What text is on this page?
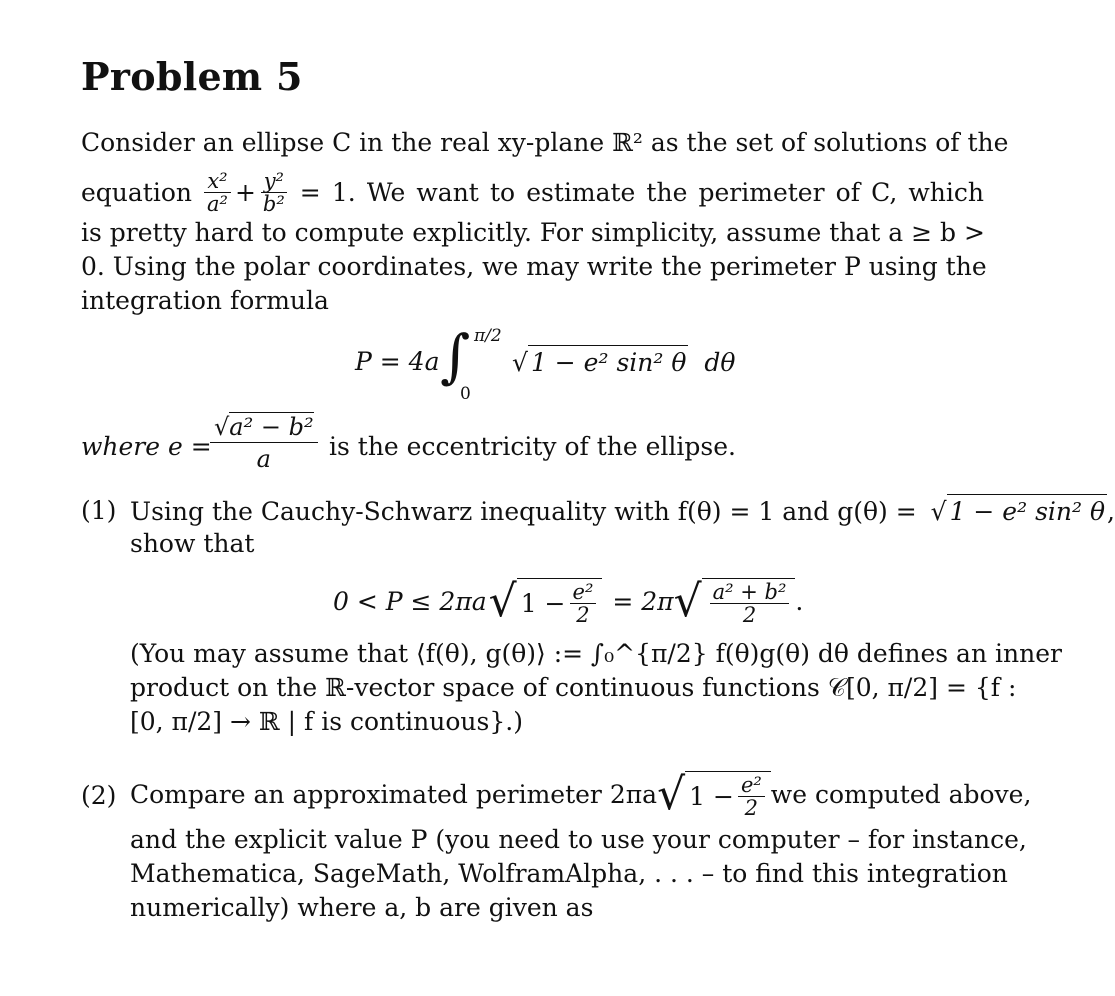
Problem 5
Consider an ellipse C in the real xy-plane ℝ² as the set of solutions of the
equation $\frac{\text{x²}}{\text{a²}} + \frac{\text{y²}}{\text{b²}} = 1$. We want to estimate the perimeter of C, which
is pretty hard to compute explicitly. For simplicity, assume that a ≥ b >
0. Using the polar coordinates, we may write the perimeter P using the
integration formula
P = 4a ∫ π/2
0
√ 1 − e² sin² θ dθ
where e =
$\frac{\text{√a² − b²}}{a}$ is the eccentricity of the ellipse.
(1) Using the Cauchy-Schwarz inequality with f(θ) = 1 and g(θ) = √ 1 − e² sin² θ,
show that
0 < P ≤ 2πa √ $1 - \frac{\text{e²}}{2} = 2\pi$ √ $\frac{\text{a² + b²}}{2}$ .
(You may assume that ⟨f(θ), g(θ)⟩ := ∫₀^{π/2} f(θ)g(θ) dθ defines an inner
product on the ℝ-vector space of continuous functions 𝒞[0, π/2] = {f :
[0, π/2] → ℝ | f is continuous}.)
(2) Compare an approximated perimeter 2πa √ $1 - \frac{\text{e²}}{2}$ we computed above,
and the explicit value P (you need to use your computer – for instance,
Mathematica, SageMath, WolframAlpha, . . . – to find this integration
numerically) where a, b are given as
